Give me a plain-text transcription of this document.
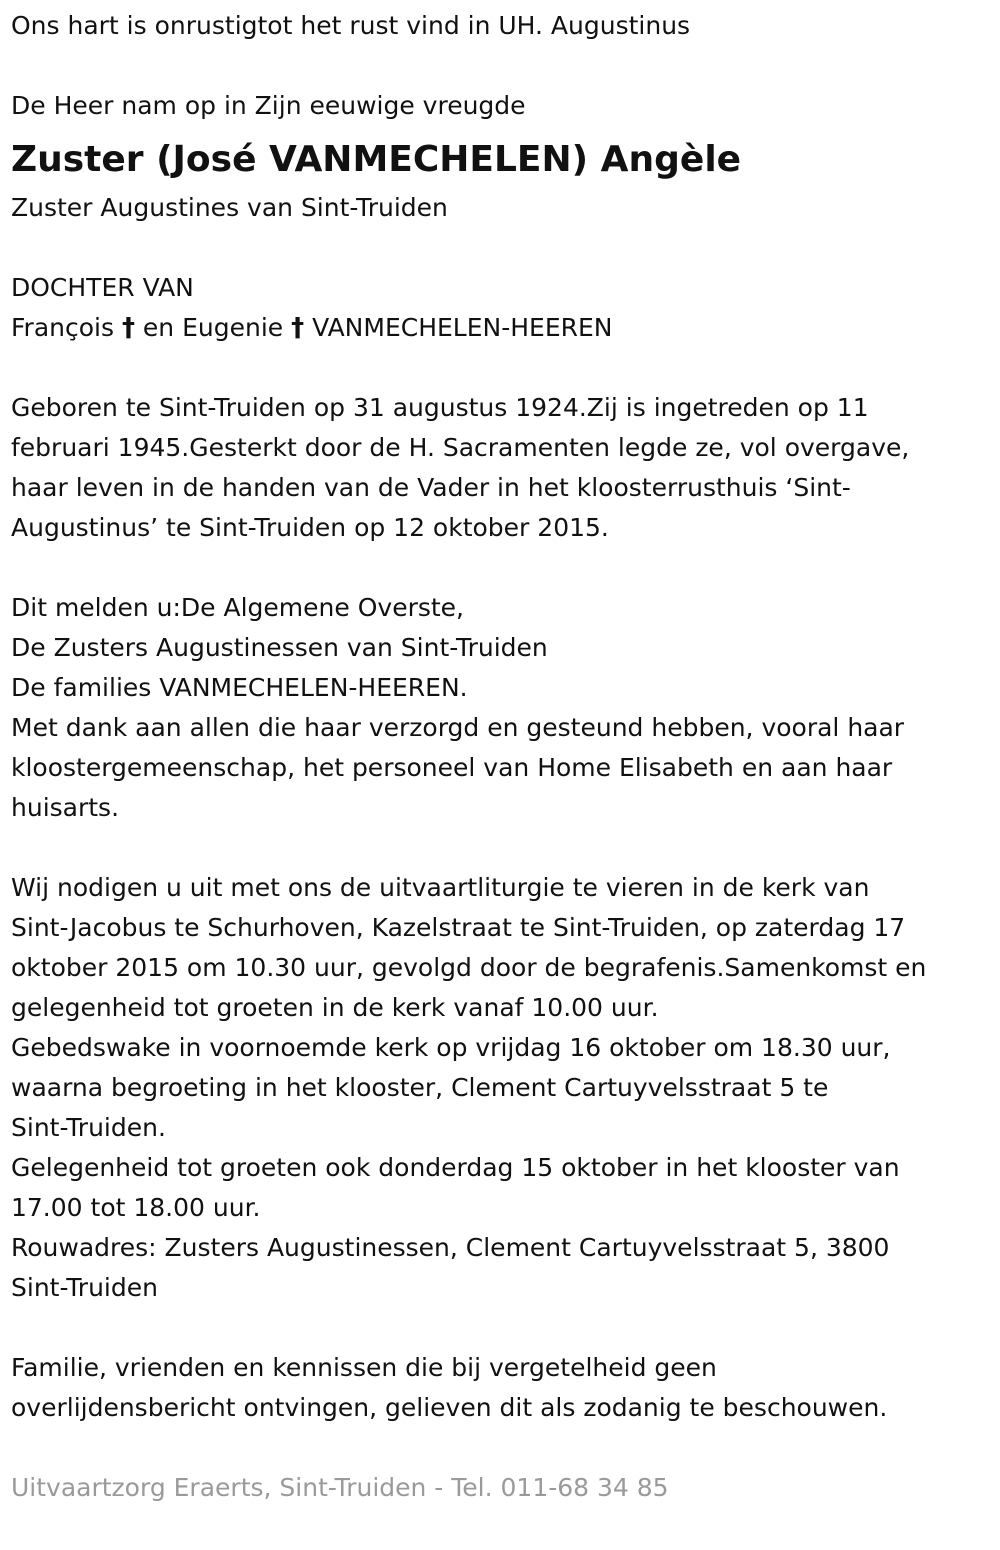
Ons hart is onrustigtot het rust vind in UH. Augustinus
De Heer nam op in Zijn eeuwige vreugde
Zuster (José VANMECHELEN) Angèle
Zuster Augustines van Sint-Truiden
DOCHTER VAN
François † en Eugenie † VANMECHELEN-HEEREN
Geboren te Sint-Truiden op 31 augustus 1924.Zij is ingetreden op 11
februari 1945.Gesterkt door de H. Sacramenten legde ze, vol overgave,
haar leven in de handen van de Vader in het kloosterrusthuis ‘Sint-
Augustinus’ te Sint-Truiden op 12 oktober 2015.
Dit melden u:De Algemene Overste,
De Zusters Augustinessen van Sint-Truiden
De families VANMECHELEN-HEEREN.
Met dank aan allen die haar verzorgd en gesteund hebben, vooral haar
kloostergemeenschap, het personeel van Home Elisabeth en aan haar
huisarts.
Wij nodigen u uit met ons de uitvaartliturgie te vieren in de kerk van
Sint-Jacobus te Schurhoven, Kazelstraat te Sint-Truiden, op zaterdag 17
oktober 2015 om 10.30 uur, gevolgd door de begrafenis.Samenkomst en
gelegenheid tot groeten in de kerk vanaf 10.00 uur.
Gebedswake in voornoemde kerk op vrijdag 16 oktober om 18.30 uur,
waarna begroeting in het klooster, Clement Cartuyvelsstraat 5 te
Sint-Truiden.
Gelegenheid tot groeten ook donderdag 15 oktober in het klooster van
17.00 tot 18.00 uur.
Rouwadres: Zusters Augustinessen, Clement Cartuyvelsstraat 5, 3800
Sint-Truiden
Familie, vrienden en kennissen die bij vergetelheid geen
overlijdensbericht ontvingen, gelieven dit als zodanig te beschouwen.
Uitvaartzorg Eraerts, Sint-Truiden - Tel. 011-68 34 85
